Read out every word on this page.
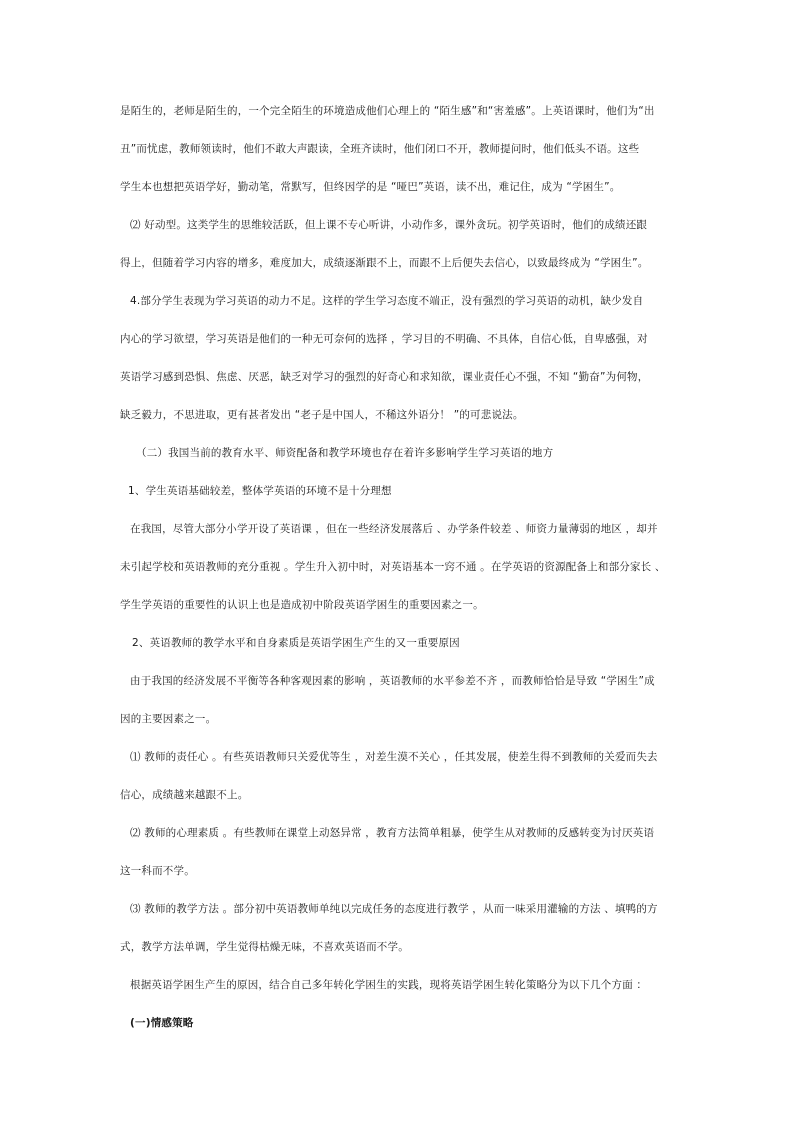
是陌生的，老师是陌生的，一个完全陌生的环境造成他们心理上的 “陌生感”和“害羞感”。上英语课时，他们为“出
丑”而忧虑，教师领读时，他们不敢大声跟读，全班齐读时，他们闭口不开，教师提问时，他们低头不语。这些
学生本也想把英语学好，勤动笔，常默写，但终因学的是 “哑巴”英语，读不出，难记住，成为 “学困生”。
⑵ 好动型。这类学生的思维较活跃，但上课不专心听讲，小动作多，课外贪玩。初学英语时，他们的成绩还跟
得上，但随着学习内容的增多，难度加大，成绩逐渐跟不上，而跟不上后便失去信心，以致最终成为 “学困生”。
4.部分学生表现为学习英语的动力不足。这样的学生学习态度不端正，没有强烈的学习英语的动机，缺少发自
内心的学习欲望，学习英语是他们的一种无可奈何的选择 ，学习目的不明确、不具体，自信心低，自卑感强，对
英语学习感到恐惧、焦虑、厌恶，缺乏对学习的强烈的好奇心和求知欲，课业责任心不强，不知 “勤奋”为何物，
缺乏毅力，不思进取，更有甚者发出 “老子是中国人，不稀这外语分！ ”的可悲说法。
（二）我国当前的教育水平、师资配备和教学环境也存在着许多影响学生学习英语的地方
1、学生英语基础较差，整体学英语的环境不是十分理想
在我国，尽管大部分小学开设了英语课 ，但在一些经济发展落后 、办学条件较差 、师资力量薄弱的地区 ，却并
未引起学校和英语教师的充分重视 。学生升入初中时，对英语基本一窍不通 。在学英语的资源配备上和部分家长 、
学生学英语的重要性的认识上也是造成初中阶段英语学困生的重要因素之一。
2、英语教师的教学水平和自身素质是英语学困生产生的又一重要原因
由于我国的经济发展不平衡等各种客观因素的影响 ，英语教师的水平参差不齐 ，而教师恰恰是导致 “学困生”成
因的主要因素之一。
⑴ 教师的责任心 。有些英语教师只关爱优等生 ，对差生漠不关心 ，任其发展，使差生得不到教师的关爱而失去
信心，成绩越来越跟不上。
⑵ 教师的心理素质 。有些教师在课堂上动怒异常 ，教育方法简单粗暴，使学生从对教师的反感转变为讨厌英语
这一科而不学。
⑶ 教师的教学方法 。部分初中英语教师单纯以完成任务的态度进行教学 ，从而一味采用灌输的方法 、填鸭的方
式，教学方法单调，学生觉得枯燥无味，不喜欢英语而不学。
根据英语学困生产生的原因，结合自己多年转化学困生的实践，现将英语学困生转化策略分为以下几个方面 ：
(一)情感策略
